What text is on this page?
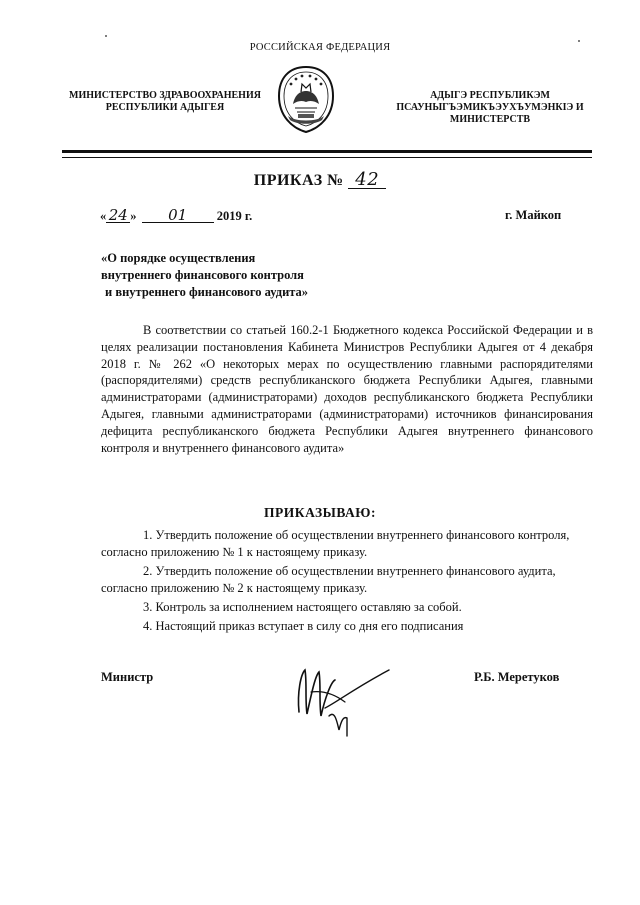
РОССИЙСКАЯ ФЕДЕРАЦИЯ
МИНИСТЕРСТВО ЗДРАВООХРАНЕНИЯ
РЕСПУБЛИКИ АДЫГЕЯ
АДЫГЭ РЕСПУБЛИКЭМ
ПСАУНЫГЪЭМИКЪЭУХЪУМЭНКIЭ И
МИНИСТЕРСТВ
ПРИКАЗ № 42
« 24 » 01 2019 г.	г. Майкоп
«О порядке осуществления
внутреннего финансового контроля
и внутреннего финансового аудита»
В соответствии со статьей 160.2-1 Бюджетного кодекса Российской Федерации и в целях реализации постановления Кабинета Министров Республики Адыгея от 4 декабря 2018 г. № 262 «О некоторых мерах по осуществлению главными распорядителями (распорядителями) средств республиканского бюджета Республики Адыгея, главными администраторами (администраторами) доходов республиканского бюджета Республики Адыгея, главными администраторами (администраторами) источников финансирования дефицита республиканского бюджета Республики Адыгея внутреннего финансового контроля и внутреннего финансового аудита»
ПРИКАЗЫВАЮ:

1. Утвердить положение об осуществлении внутреннего финансового контроля, согласно приложению № 1 к настоящему приказу.

2. Утвердить положение об осуществлении внутреннего финансового аудита, согласно приложению № 2 к настоящему приказу.

3. Контроль за исполнением настоящего оставляю за собой.

4. Настоящий приказ вступает в силу со дня его подписания

Министр	Р.Б. Меретуков
